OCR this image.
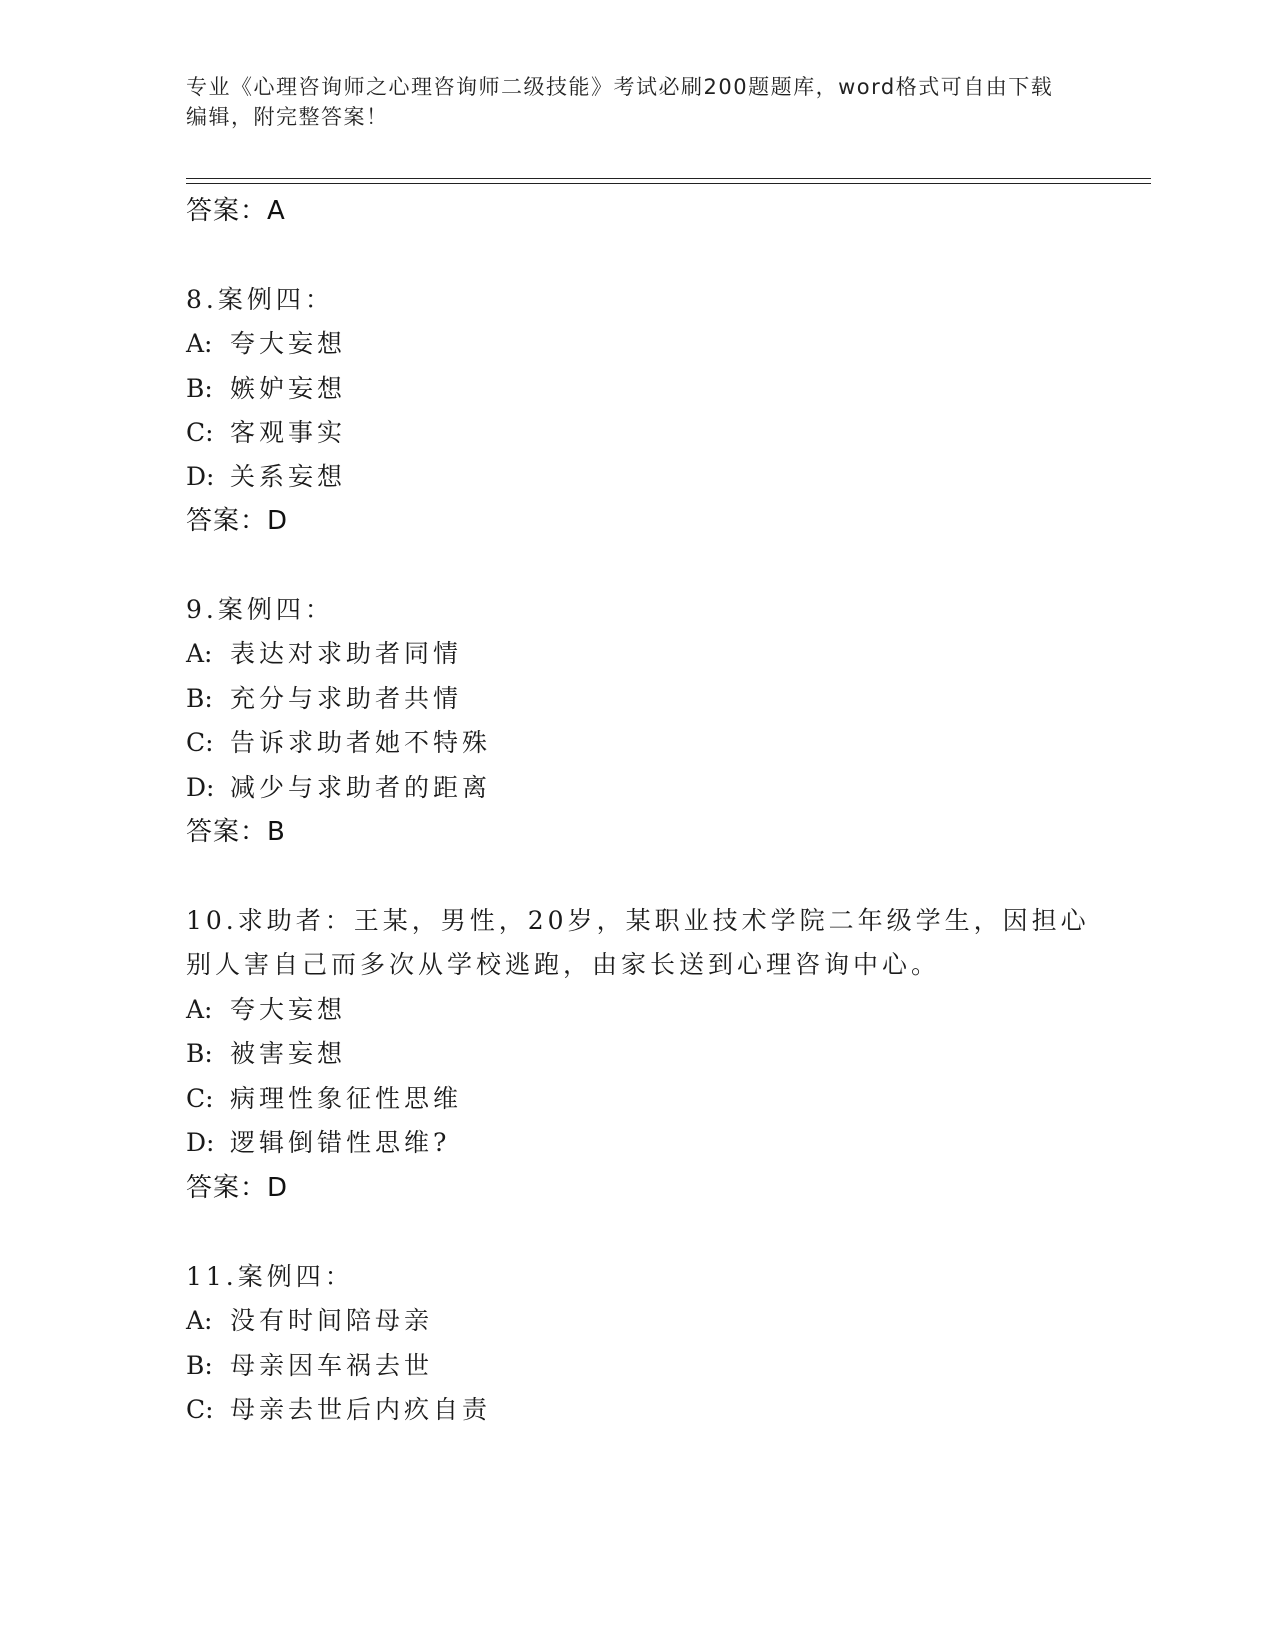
专业《心理咨询师之心理咨询师二级技能》考试必刷200题题库，word格式可自由下载编辑，附完整答案！
答案：A
8.案例四：
A: 夸大妄想
B: 嫉妒妄想
C: 客观事实
D: 关系妄想
答案：D
9.案例四：
A: 表达对求助者同情
B: 充分与求助者共情
C: 告诉求助者她不特殊
D: 减少与求助者的距离
答案：B
10.求助者：王某，男性，20岁，某职业技术学院二年级学生，因担心
别人害自己而多次从学校逃跑，由家长送到心理咨询中心。
A: 夸大妄想
B: 被害妄想
C: 病理性象征性思维
D: 逻辑倒错性思维?
答案：D
11.案例四：
A: 没有时间陪母亲
B: 母亲因车祸去世
C: 母亲去世后内疚自责
